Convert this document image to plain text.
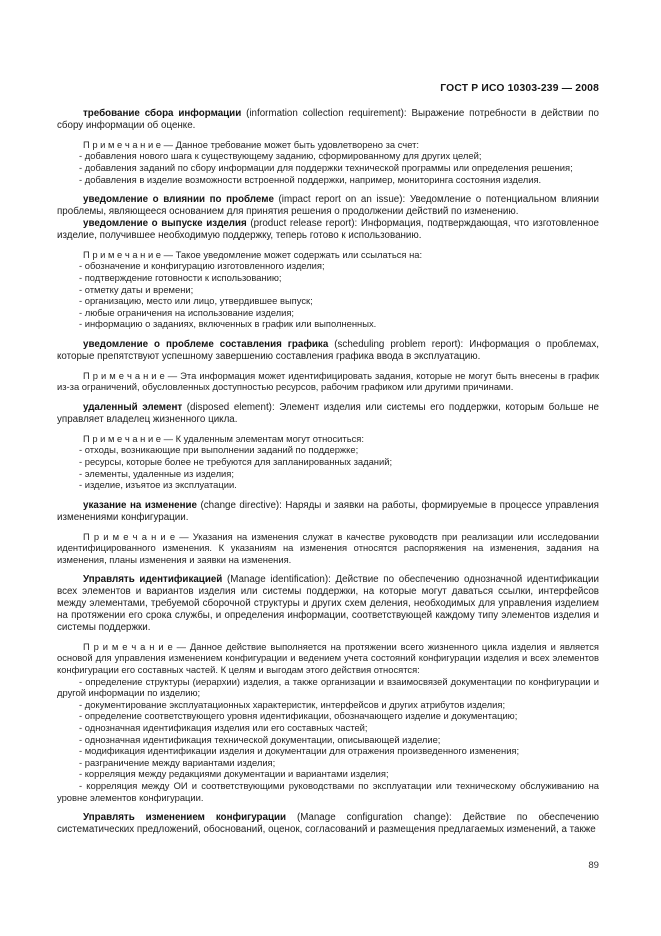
ГОСТ Р ИСО 10303-239 — 2008

требование сбора информации (information collection requirement): Выражение потребности в действии по сбору информации об оценке.

П р и м е ч а н и е — Данное требование может быть удовлетворено за счет:

- добавления нового шага к существующему заданию, сформированному для других целей;

- добавления заданий по сбору информации для поддержки технической программы или определения решения;

- добавления в изделие возможности встроенной поддержки, например, мониторинга состояния изделия.

уведомление о влиянии по проблеме (impact report on an issue): Уведомление о потенциальном влиянии проблемы, являющееся основанием для принятия решения о продолжении действий по изменению.

уведомление о выпуске изделия (product release report): Информация, подтверждающая, что изготовленное изделие, получившее необходимую поддержку, теперь готово к использованию.

П р и м е ч а н и е — Такое уведомление может содержать или ссылаться на:

- обозначение и конфигурацию изготовленного изделия;

- подтверждение готовности к использованию;

- отметку даты и времени;

- организацию, место или лицо, утвердившее выпуск;

- любые ограничения на использование изделия;

- информацию о заданиях, включенных в график или выполненных.

уведомление о проблеме составления графика (scheduling problem report): Информация о проблемах, которые препятствуют успешному завершению составления графика ввода в эксплуатацию.

П р и м е ч а н и е — Эта информация может идентифицировать задания, которые не могут быть внесены в график из-за ограничений, обусловленных доступностью ресурсов, рабочим графиком или другими причинами.

удаленный элемент (disposed element): Элемент изделия или системы его поддержки, которым больше не управляет владелец жизненного цикла.

П р и м е ч а н и е — К удаленным элементам могут относиться:

- отходы, возникающие при выполнении заданий по поддержке;

- ресурсы, которые более не требуются для запланированных заданий;

- элементы, удаленные из изделия;

- изделие, изъятое из эксплуатации.

указание на изменение (change directive): Наряды и заявки на работы, формируемые в процессе управления изменениями конфигурации.

П р и м е ч а н и е — Указания на изменения служат в качестве руководств при реализации или исследовании идентифицированного изменения. К указаниям на изменения относятся распоряжения на изменения, задания на изменения, планы изменения и заявки на изменения.

Управлять идентификацией (Manage identification): Действие по обеспечению однозначной идентификации всех элементов и вариантов изделия или системы поддержки, на которые могут даваться ссылки, интерфейсов между элементами, требуемой сборочной структуры и других схем деления, необходимых для управления изделием на протяжении его срока службы, и определения информации, соответствующей каждому типу элементов изделия и системы поддержки.

П р и м е ч а н и е — Данное действие выполняется на протяжении всего жизненного цикла изделия и является основой для управления изменением конфигурации и ведением учета состояний конфигурации изделия и всех элементов конфигурации его составных частей. К целям и выгодам этого действия относятся:

- определение структуры (иерархии) изделия, а также организации и взаимосвязей документации по конфигурации и другой информации по изделию;

- документирование эксплуатационных характеристик, интерфейсов и других атрибутов изделия;

- определение соответствующего уровня идентификации, обозначающего изделие и документацию;

- однозначная идентификация изделия или его составных частей;

- однозначная идентификация технической документации, описывающей изделие;

- модификация идентификации изделия и документации для отражения произведенного изменения;

- разграничение между вариантами изделия;

- корреляция между редакциями документации и вариантами изделия;

- корреляция между ОИ и соответствующими руководствами по эксплуатации или техническому обслуживанию на уровне элементов конфигурации.

Управлять изменением конфигурации (Manage configuration change): Действие по обеспечению систематических предложений, обоснований, оценок, согласований и размещения предлагаемых изменений, а также

89
